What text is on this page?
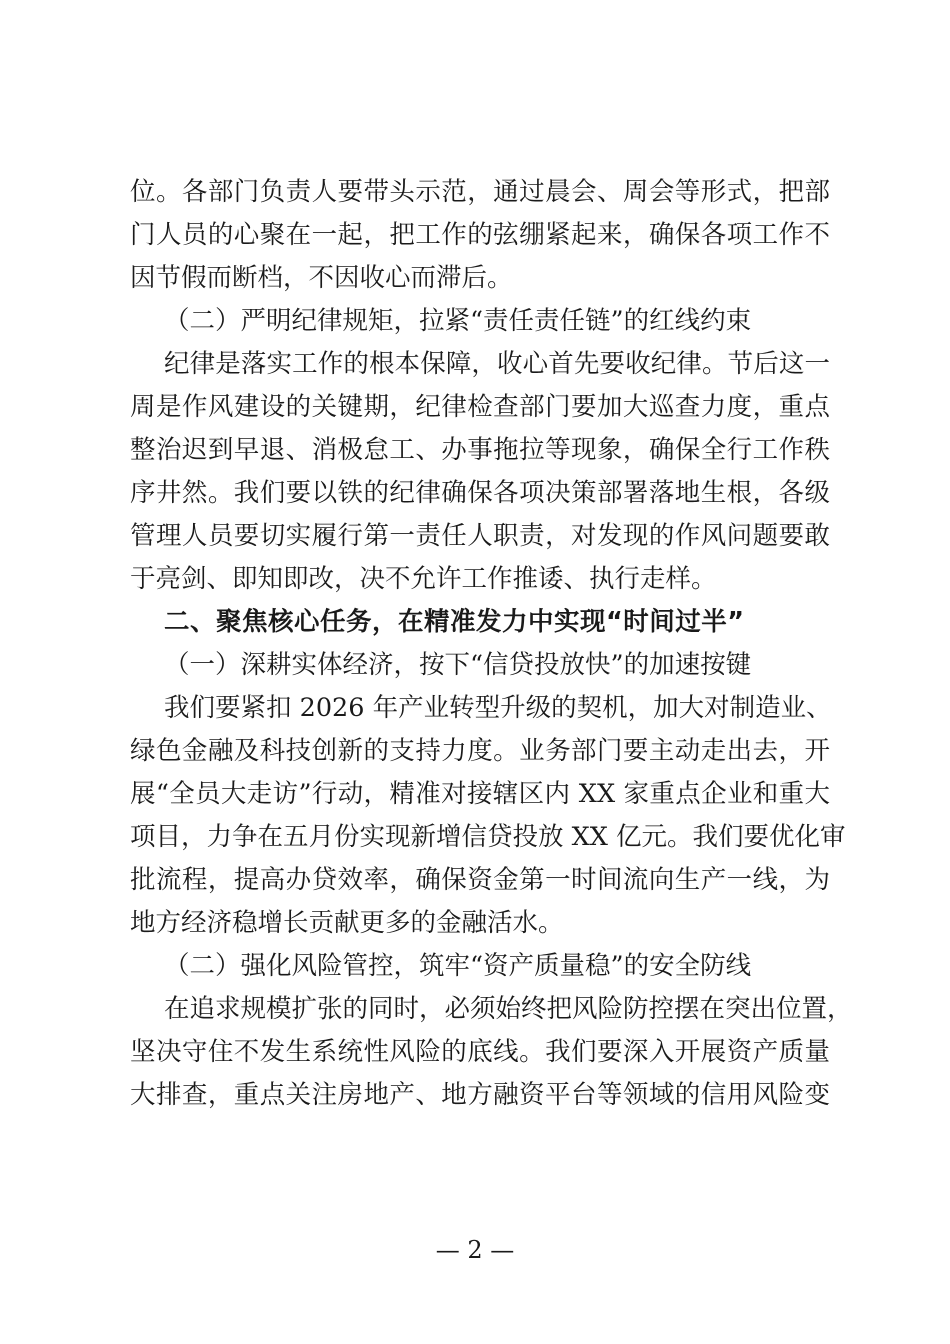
位。各部门负责人要带头示范，通过晨会、周会等形式，把部

门人员的心聚在一起，把工作的弦绷紧起来，确保各项工作不

因节假而断档，不因收心而滞后。

（二）严明纪律规矩，拉紧“责任责任链”的红线约束

纪律是落实工作的根本保障，收心首先要收纪律。节后这一

周是作风建设的关键期，纪律检查部门要加大巡查力度，重点

整治迟到早退、消极怠工、办事拖拉等现象，确保全行工作秩

序井然。我们要以铁的纪律确保各项决策部署落地生根，各级

管理人员要切实履行第一责任人职责，对发现的作风问题要敢

于亮剑、即知即改，决不允许工作推诿、执行走样。

二、聚焦核心任务，在精准发力中实现“时间过半”

（一）深耕实体经济，按下“信贷投放快”的加速按键

我们要紧扣 2026 年产业转型升级的契机，加大对制造业、

绿色金融及科技创新的支持力度。业务部门要主动走出去，开

展“全员大走访”行动，精准对接辖区内 XX 家重点企业和重大

项目，力争在五月份实现新增信贷投放 XX 亿元。我们要优化审

批流程，提高办贷效率，确保资金第一时间流向生产一线，为

地方经济稳增长贡献更多的金融活水。

（二）强化风险管控，筑牢“资产质量稳”的安全防线

在追求规模扩张的同时，必须始终把风险防控摆在突出位置，

坚决守住不发生系统性风险的底线。我们要深入开展资产质量

大排查，重点关注房地产、地方融资平台等领域的信用风险变

— 2 —
